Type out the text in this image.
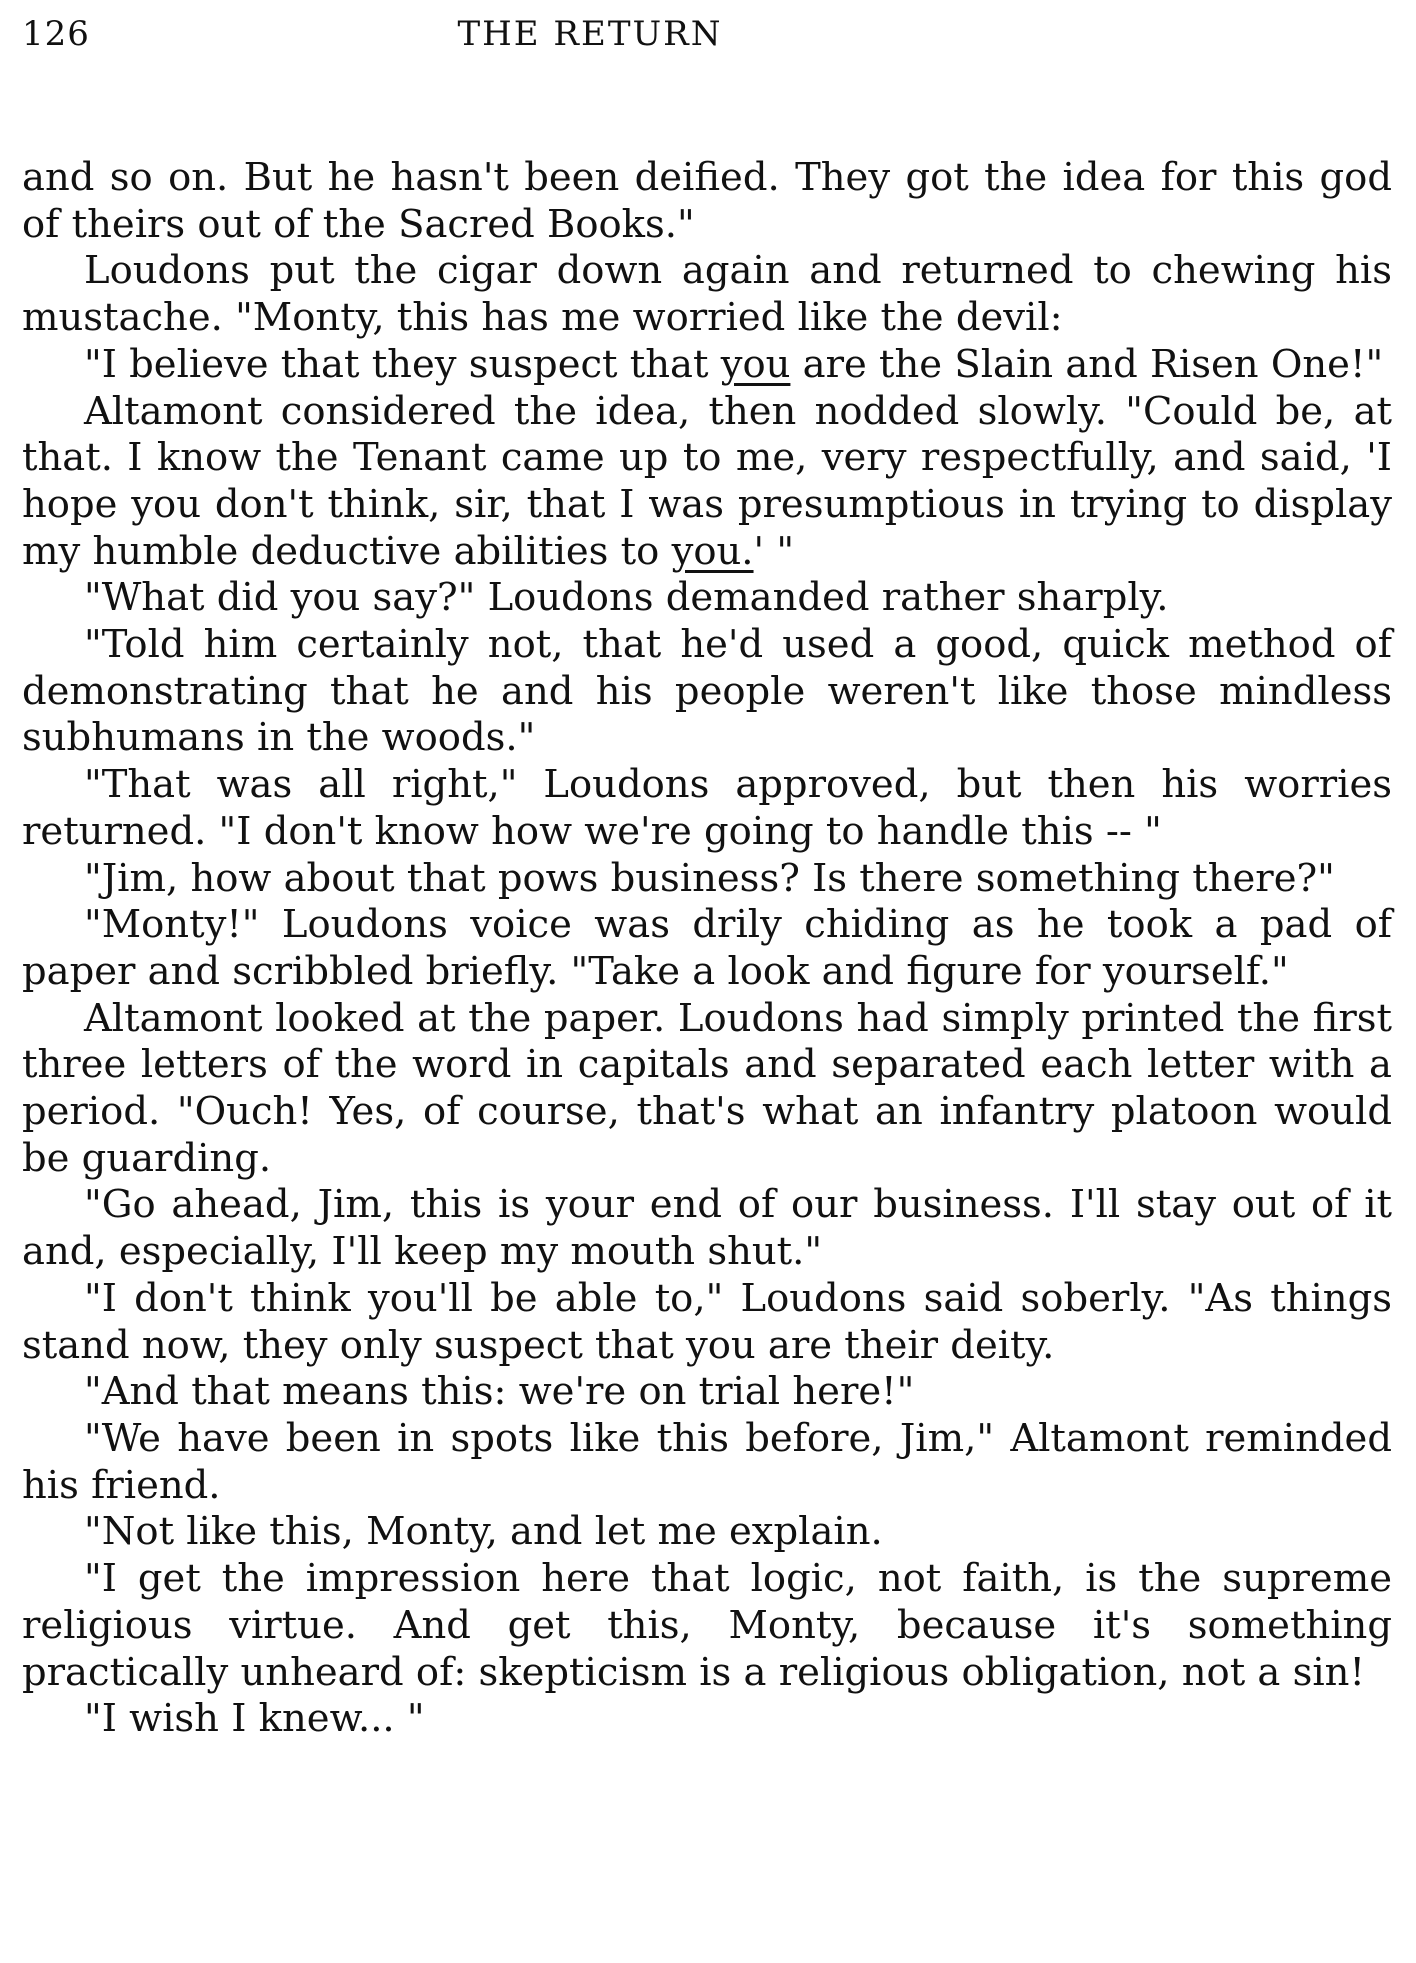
126	THE RETURN

and so on. But he hasn't been deified. They got the idea for this god of theirs out of the Sacred Books."

Loudons put the cigar down again and returned to chewing his mustache. "Monty, this has me worried like the devil:

"I believe that they suspect that you are the Slain and Risen One!"

Altamont considered the idea, then nodded slowly. "Could be, at that. I know the Tenant came up to me, very respectfully, and said, 'I hope you don't think, sir, that I was presumptious in trying to display my humble deductive abilities to you.' "

"What did you say?" Loudons demanded rather sharply.

"Told him certainly not, that he'd used a good, quick method of demonstrating that he and his people weren't like those mindless subhumans in the woods."

"That was all right," Loudons approved, but then his worries returned. "I don't know how we're going to handle this -- "

"Jim, how about that pows business? Is there something there?"

"Monty!" Loudons voice was drily chiding as he took a pad of paper and scribbled briefly. "Take a look and figure for yourself."

Altamont looked at the paper. Loudons had simply printed the first three letters of the word in capitals and separated each letter with a period. "Ouch! Yes, of course, that's what an infantry platoon would be guarding.

"Go ahead, Jim, this is your end of our business. I'll stay out of it and, especially, I'll keep my mouth shut."

"I don't think you'll be able to," Loudons said soberly. "As things stand now, they only suspect that you are their deity.

"And that means this: we're on trial here!"

"We have been in spots like this before, Jim," Altamont reminded his friend.

"Not like this, Monty, and let me explain.

"I get the impression here that logic, not faith, is the supreme religious virtue. And get this, Monty, because it's something practically unheard of: skepticism is a religious obligation, not a sin!

"I wish I knew... "
